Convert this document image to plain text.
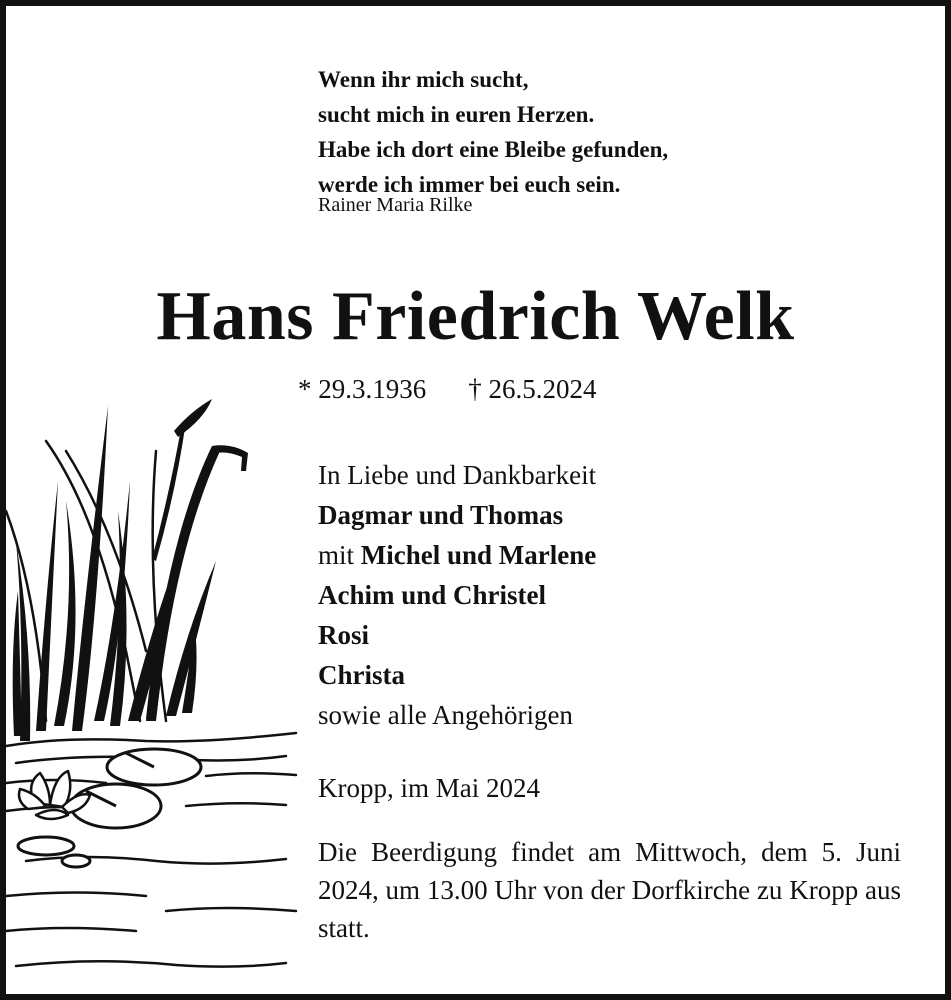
Wenn ihr mich sucht,
sucht mich in euren Herzen.
Habe ich dort eine Bleibe gefunden,
werde ich immer bei euch sein.
Rainer Maria Rilke
Hans Friedrich Welk
* 29.3.1936 † 26.5.2024
In Liebe und Dankbarkeit
Dagmar und Thomas
mit Michel und Marlene
Achim und Christel
Rosi
Christa
sowie alle Angehörigen
Kropp, im Mai 2024
Die Beerdigung findet am Mittwoch, dem 5. Juni 2024, um 13.00 Uhr von der Dorfkirche zu Kropp aus statt.
